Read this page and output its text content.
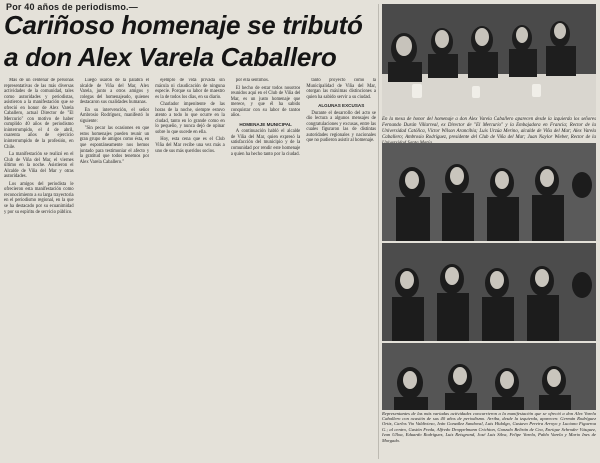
Por 40 años de periodismo.—
Cariñoso homenaje se tributó
a don Alex Varela Caballero

Más de un centenar de personas representativas de las más diversas actividades de la comunidad, tales como autoridades y periodistas, asistieron a la manifestación que se ofreció en honor de Alex Varela Caballero, actual Director de "El Mercurio" con motivo de haber cumplido 40 años de periodismo ininterrumpido, el 4 de abril, cuarenta años de ejercicio ininterrumpido de la profesión, en Chile.

La manifestación se realizó en el Club de Viña del Mar, el viernes último en la noche. Asistieron el Alcalde de Viña del Mar y otras autoridades.

Los amigos del periodista le ofrecieron esta manifestación como reconocimiento a su larga trayectoria en el periodismo regional, en la que se ha destacado por su ecuanimidad y por su espíritu de servicio público.

Luego usaron de la palabra el alcalde de Viña del Mar, Alex Varela, junto a otros amigos y colegas del homenajeado, quienes destacaron sus cualidades humanas.

En su intervención, el señor Ambrosio Rodríguez, manifestó lo siguiente:

"Sin pecar las ocasiones en que estos homenajes pueden reunir un gran grupo de amigos como ésta, en que espontáneamente nos hemos juntado para testimoniar el afecto y la gratitud que todos tenemos por Alex Varela Caballero."

ejemplo de vida privada sin mácula ni claudicación de ninguna especie. Porque su labor de maestro es la de todos los días, en su diario.

Charlador impenitente de las horas de la noche, siempre estuvo atento a todo lo que ocurre en la ciudad, tanto en lo grande como en lo pequeño, y nunca dejó de opinar sobre lo que sucede en ella.

Hoy, esta cena que es el Club Viña del Mar recibe una vez más a uno de sus más queridos socios.

por ella sentimos.

El hecho de estar todos nosotros reunidos aquí en el Club de Viña del Mar, es un justo homenaje que merece, y que él ha sabido conquistar con su labor de tantos años.

HOMENAJE MUNICIPAL

A continuación habló el alcalde de Viña del Mar, quien expresó la satisfacción del municipio y de la comunidad por rendir este homenaje a quien ha hecho tanto por la ciudad.

tanto proyecto como la Municipalidad de Viña del Mar, otorgan las máximas distinciones a quien ha sabido servir a su ciudad.

ALGUNAS EXCUSAS

Durante el desarrollo del acto se dio lectura a algunos mensajes de congratulaciones y excusas, entre las cuales figuraron las de distintas autoridades regionales y nacionales que no pudieron asistir al homenaje.

En la mesa de honor del homenaje a don Alex Varela Caballero aparecen desde la izquierda los señores Fernando Durán Villarreal, ex Director de "El Mercurio" y la Embajadora en Francia; Rector de la Universidad Católica, Víctor Wilson Arancibia; Luis Urzúa Merino, alcalde de Viña del Mar; Alex Varela Caballero; Ambrosio Rodríguez, presidente del Club de Viña del Mar; Juan Naylor Wieber, Rector de la
Representantes de las más variadas actividades concurrieron a la manifestación que se ofreció a don Alex Varela Caballero con ocasión de sus 40 años de periodismo. Arriba, desde la izquierda, aparecen: Germán Rodríguez Ortiz, Carlos Vio Valdivieso, Iván González Sandoval, Luis Hidalgo, Gustavo Pereira Arroyo y Luciano Figueroa G.; al centro, Gastón Freda, Alfredo Droppelmann Crichton, Gonzalo Beltrán de Cea, Enrique Schroder Vásquez, Ivan Ulloa, Eduardo Rodríguez, Luis Reisgrand, José Luis Silva, Felipe Varela, Pablo Varela y Mario Ines de Morgado.
